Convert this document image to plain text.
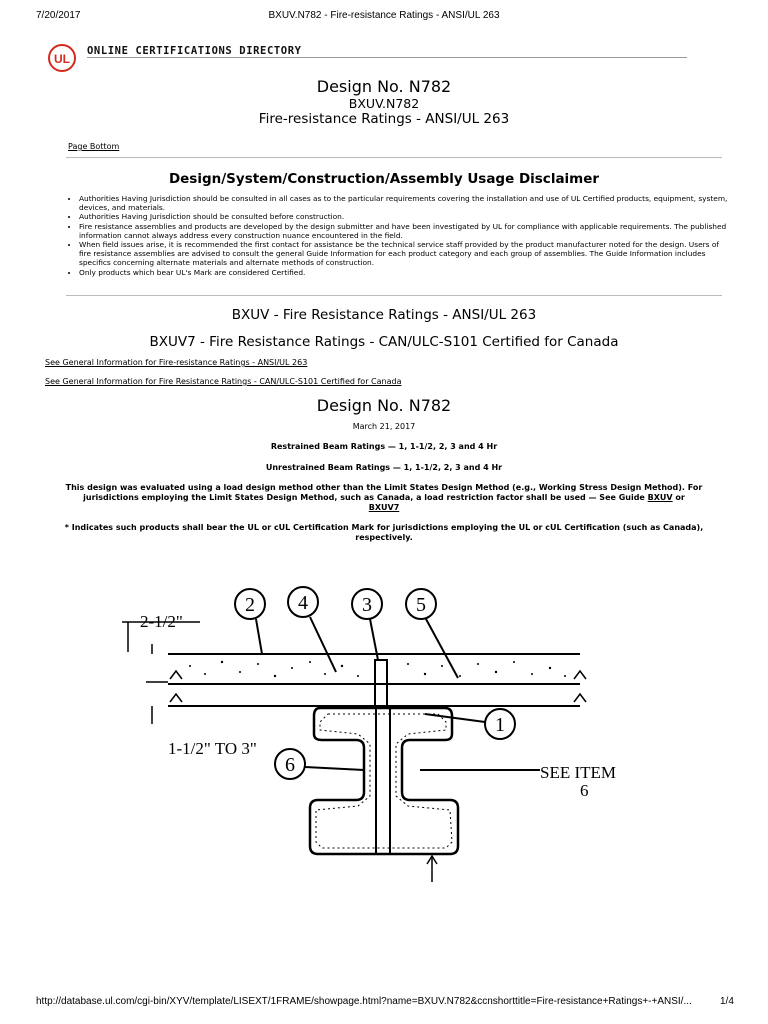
7/20/2017	BXUV.N782 - Fire-resistance Ratings - ANSI/UL 263
UL
ONLINE CERTIFICATIONS DIRECTORY
Design No. N782
BXUV.N782
Fire-resistance Ratings - ANSI/UL 263
Page Bottom
Design/System/Construction/Assembly Usage Disclaimer
• Authorities Having Jurisdiction should be consulted in all cases as to the particular requirements covering the installation and use of UL Certified products, equipment, system, devices, and materials.
• Authorities Having Jurisdiction should be consulted before construction.
• Fire resistance assemblies and products are developed by the design submitter and have been investigated by UL for compliance with applicable requirements. The published information cannot always address every construction nuance encountered in the field.
• When field issues arise, it is recommended the first contact for assistance be the technical service staff provided by the product manufacturer noted for the design. Users of fire resistance assemblies are advised to consult the general Guide Information for each product category and each group of assemblies. The Guide Information includes specifics concerning alternate materials and alternate methods of construction.
• Only products which bear UL's Mark are considered Certified.
BXUV - Fire Resistance Ratings - ANSI/UL 263
BXUV7 - Fire Resistance Ratings - CAN/ULC-S101 Certified for Canada
See General Information for Fire-resistance Ratings - ANSI/UL 263
See General Information for Fire Resistance Ratings - CAN/ULC-S101 Certified for Canada
Design No. N782
March 21, 2017
Restrained Beam Ratings — 1, 1-1/2, 2, 3 and 4 Hr
Unrestrained Beam Ratings — 1, 1-1/2, 2, 3 and 4 Hr
This design was evaluated using a load design method other than the Limit States Design Method (e.g., Working Stress Design Method). For jurisdictions employing the Limit States Design Method, such as Canada, a load restriction factor shall be used — See Guide BXUV or
BXUV7
* Indicates such products shall bear the UL or cUL Certification Mark for jurisdictions employing the UL or cUL Certification (such as Canada), respectively.
2-1/2"
1-1/2" TO 3"
2 4	3 5
1
6	SEE ITEM
6
http://database.ul.com/cgi-bin/XYV/template/LISEXT/1FRAME/showpage.html?name=BXUV.N782&ccnshorttitle=Fire-resistance+Ratings+-+ANSI/...	1/4
